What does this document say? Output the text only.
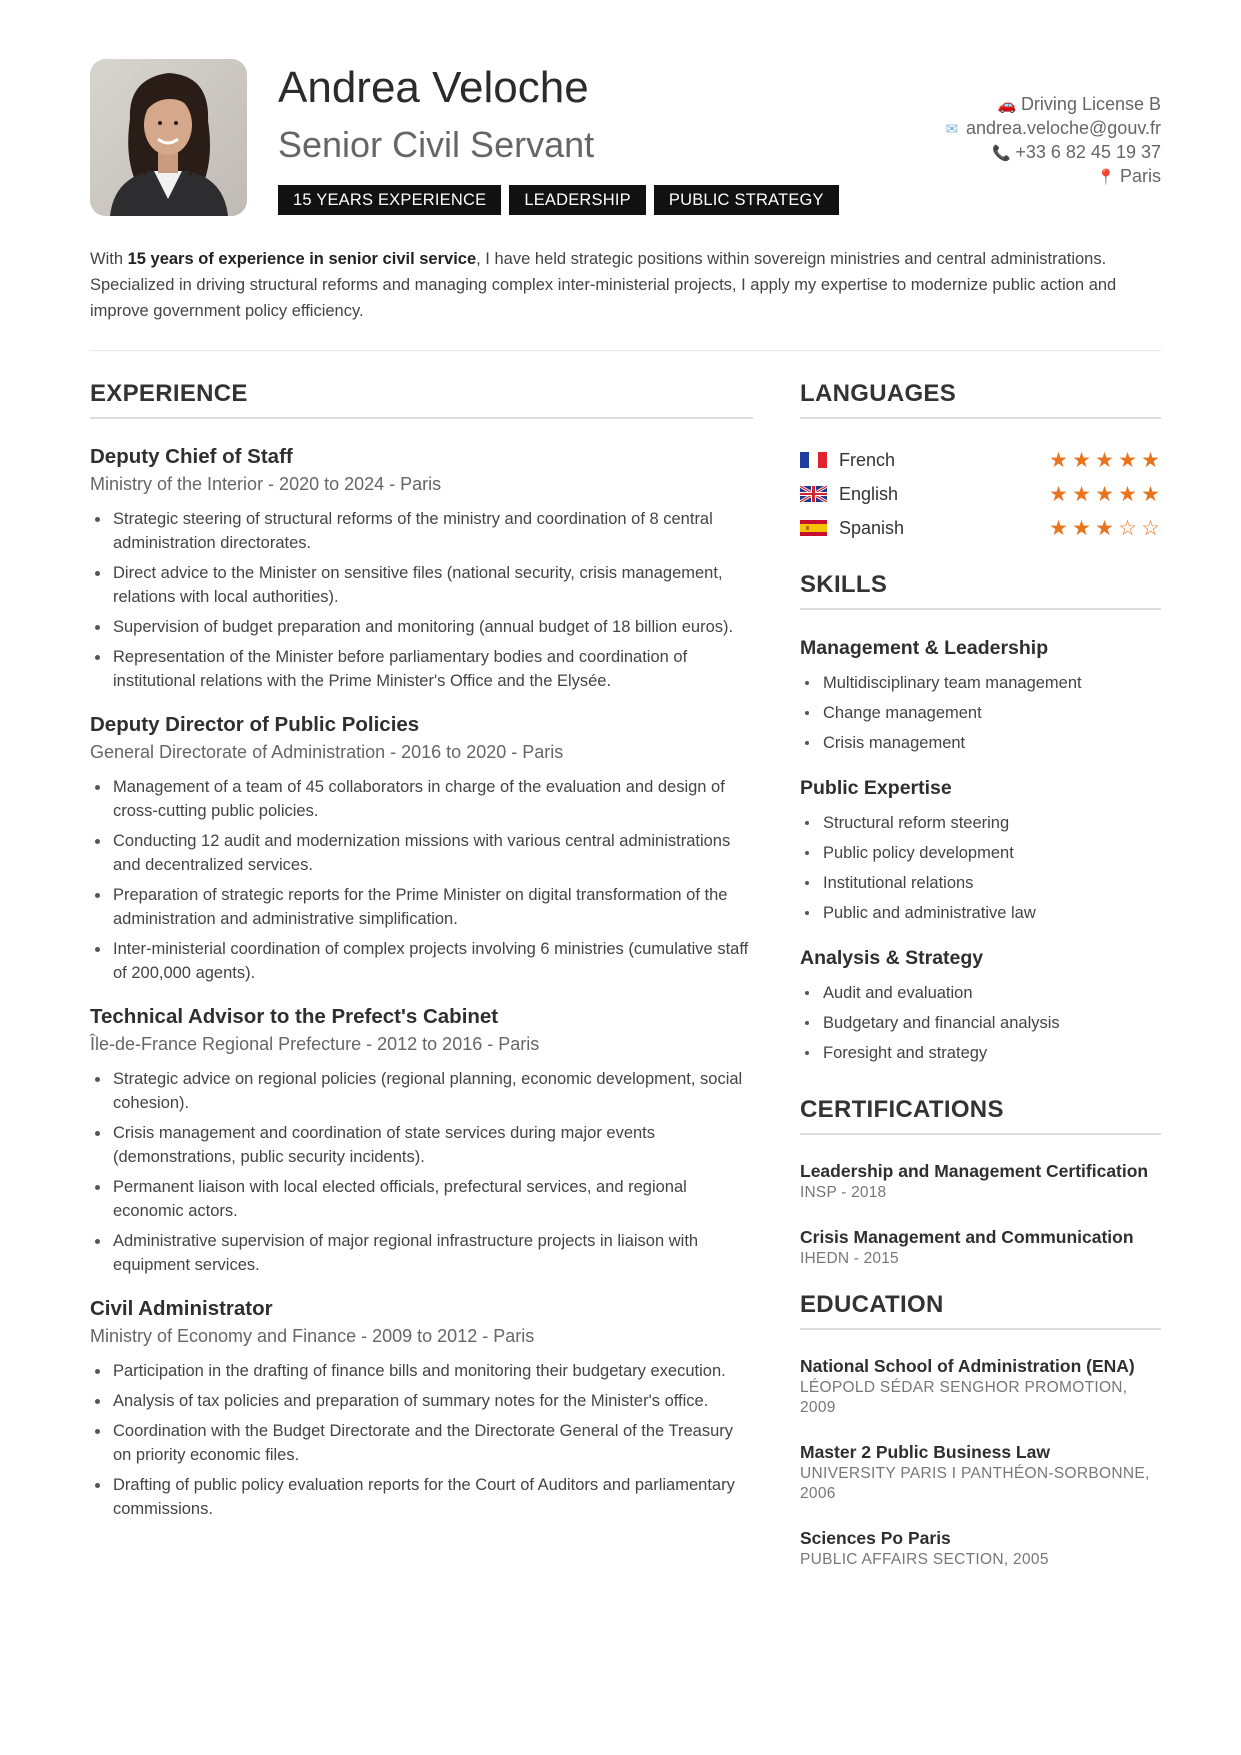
Andrea Veloche
Senior Civil Servant
15 YEARS EXPERIENCE	LEADERSHIP	PUBLIC STRATEGY
🚗 Driving License B
✉ andrea.veloche@gouv.fr
📞 +33 6 82 45 19 37
📍 Paris

With 15 years of experience in senior civil service, I have held strategic positions within sovereign ministries and central administrations. Specialized in driving structural reforms and managing complex inter-ministerial projects, I apply my expertise to modernize public action and improve government policy efficiency.

EXPERIENCE
Deputy Chief of Staff
Ministry of the Interior - 2020 to 2024 - Paris
Strategic steering of structural reforms of the ministry and coordination of 8 central administration directorates.
Direct advice to the Minister on sensitive files (national security, crisis management, relations with local authorities).
Supervision of budget preparation and monitoring (annual budget of 18 billion euros).
Representation of the Minister before parliamentary bodies and coordination of institutional relations with the Prime Minister's Office and the Elysée.
Deputy Director of Public Policies
General Directorate of Administration - 2016 to 2020 - Paris
Management of a team of 45 collaborators in charge of the evaluation and design of cross-cutting public policies.
Conducting 12 audit and modernization missions with various central administrations and decentralized services.
Preparation of strategic reports for the Prime Minister on digital transformation of the administration and administrative simplification.
Inter-ministerial coordination of complex projects involving 6 ministries (cumulative staff of 200,000 agents).
Technical Advisor to the Prefect's Cabinet
Île-de-France Regional Prefecture - 2012 to 2016 - Paris
Strategic advice on regional policies (regional planning, economic development, social cohesion).
Crisis management and coordination of state services during major events (demonstrations, public security incidents).
Permanent liaison with local elected officials, prefectural services, and regional economic actors.
Administrative supervision of major regional infrastructure projects in liaison with equipment services.
Civil Administrator
Ministry of Economy and Finance - 2009 to 2012 - Paris
Participation in the drafting of finance bills and monitoring their budgetary execution.
Analysis of tax policies and preparation of summary notes for the Minister's office.
Coordination with the Budget Directorate and the Directorate General of the Treasury on priority economic files.
Drafting of public policy evaluation reports for the Court of Auditors and parliamentary commissions.
LANGUAGES
French	★ ★ ★ ★ ★
English	★ ★ ★ ★ ★
Spanish	★ ★ ★ ☆ ☆
SKILLS
Management & Leadership
Multidisciplinary team management
Change management
Crisis management
Public Expertise
Structural reform steering
Public policy development
Institutional relations
Public and administrative law
Analysis & Strategy
Audit and evaluation
Budgetary and financial analysis
Foresight and strategy
CERTIFICATIONS
Leadership and Management Certification
INSP - 2018
Crisis Management and Communication
IHEDN - 2015
EDUCATION
National School of Administration (ENA)
LÉOPOLD SÉDAR SENGHOR PROMOTION, 2009
Master 2 Public Business Law
UNIVERSITY PARIS I PANTHÉON-SORBONNE, 2006
Sciences Po Paris
PUBLIC AFFAIRS SECTION, 2005
